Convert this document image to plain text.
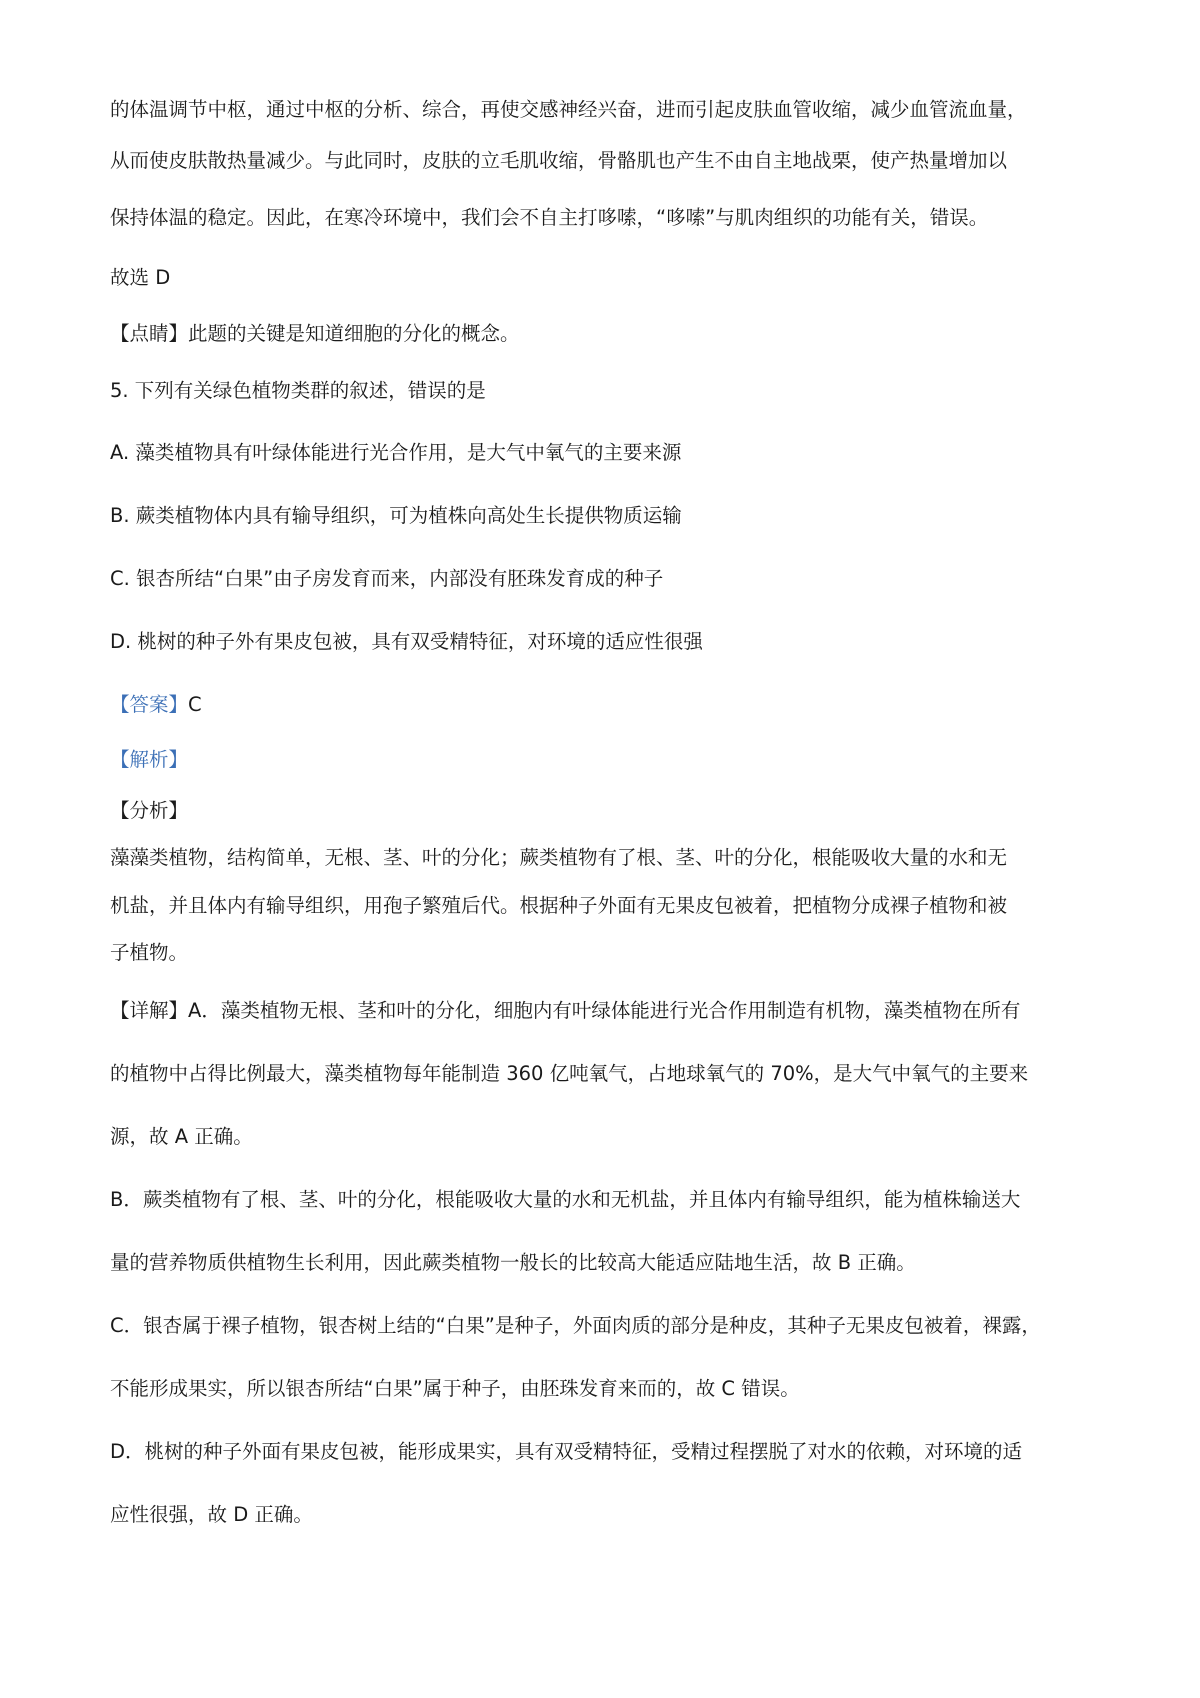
的体温调节中枢，通过中枢的分析、综合，再使交感神经兴奋，进而引起皮肤血管收缩，减少血管流血量，
从而使皮肤散热量减少。与此同时，皮肤的立毛肌收缩，骨骼肌也产生不由自主地战栗，使产热量增加以
保持体温的稳定。因此，在寒冷环境中，我们会不自主打哆嗦，“哆嗦”与肌肉组织的功能有关，错误。
故选 D
【点睛】此题的关键是知道细胞的分化的概念。
5. 下列有关绿色植物类群的叙述，错误的是
A. 藻类植物具有叶绿体能进行光合作用，是大气中氧气的主要来源
B. 蕨类植物体内具有输导组织，可为植株向高处生长提供物质运输
C. 银杏所结“白果”由子房发育而来，内部没有胚珠发育成的种子
D. 桃树的种子外有果皮包被，具有双受精特征，对环境的适应性很强
【答案】C
【解析】
【分析】
藻藻类植物，结构简单，无根、茎、叶的分化；蕨类植物有了根、茎、叶的分化，根能吸收大量的水和无
机盐，并且体内有输导组织，用孢子繁殖后代。根据种子外面有无果皮包被着，把植物分成裸子植物和被
子植物。
【详解】A．藻类植物无根、茎和叶的分化，细胞内有叶绿体能进行光合作用制造有机物，藻类植物在所有
的植物中占得比例最大，藻类植物每年能制造 360 亿吨氧气，占地球氧气的 70%，是大气中氧气的主要来
源，故 A 正确。
B．蕨类植物有了根、茎、叶的分化，根能吸收大量的水和无机盐，并且体内有输导组织，能为植株输送大
量的营养物质供植物生长利用，因此蕨类植物一般长的比较高大能适应陆地生活，故 B 正确。
C．银杏属于裸子植物，银杏树上结的“白果”是种子，外面肉质的部分是种皮，其种子无果皮包被着，裸露，
不能形成果实，所以银杏所结“白果”属于种子，由胚珠发育来而的，故 C 错误。
D．桃树的种子外面有果皮包被，能形成果实，具有双受精特征，受精过程摆脱了对水的依赖，对环境的适
应性很强，故 D 正确。
